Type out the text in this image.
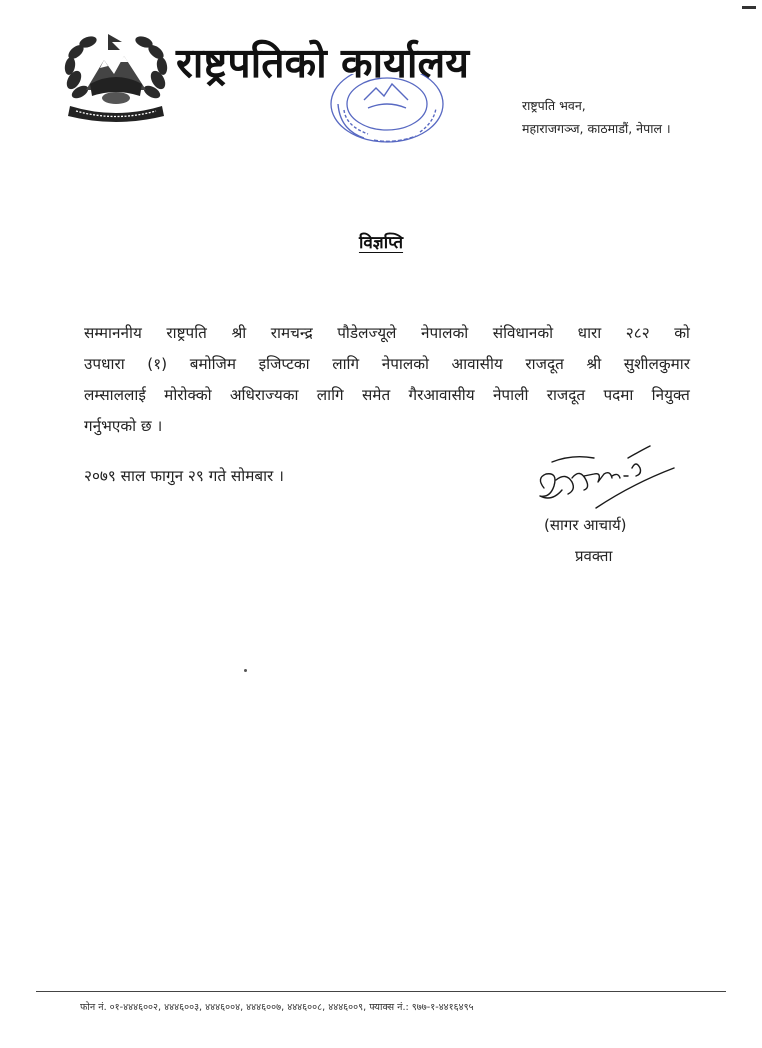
राष्ट्रपतिको कार्यालय
राष्ट्रपति भवन,
महाराजगञ्ज, काठमाडौं, नेपाल ।
विज्ञप्ति
सम्माननीय राष्ट्रपति श्री रामचन्द्र पौडेलज्यूले नेपालको संविधानको धारा २८२ को
उपधारा (१) बमोजिम इजिप्टका लागि नेपालको आवासीय राजदूत श्री सुशीलकुमार
लम्साललाई मोरोक्को अधिराज्यका लागि समेत गैरआवासीय नेपाली राजदूत पदमा नियुक्त
गर्नुभएको छ ।
२०७९ साल फागुन २९ गते सोमबार ।
(सागर आचार्य)
प्रवक्ता
फोन नं. ०१-४४४६००२, ४४४६००३, ४४४६००४, ४४४६००७, ४४४६००८, ४४४६००९, फ्याक्स नं.: ९७७-१-४४१६४९५
